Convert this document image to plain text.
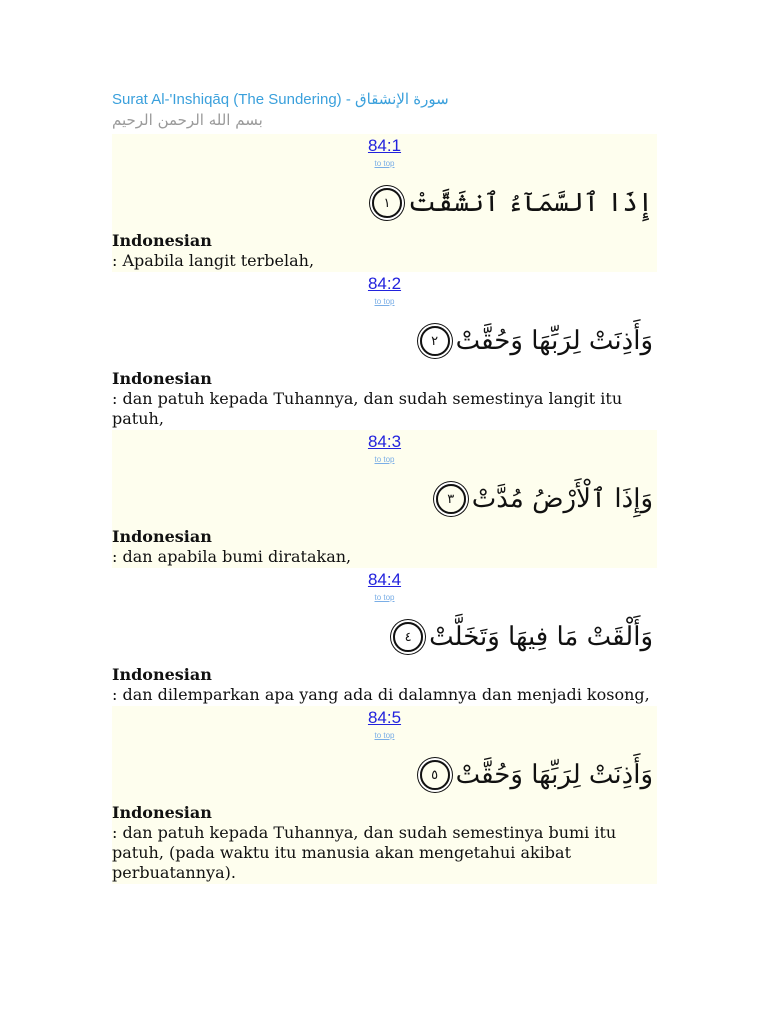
Surat Al-'Inshiqāq (The Sundering) - سورة الإنشقاق
بسم الله الرحمن الرحيم
84:1
to top
إِذَا ٱلسَّمَآءُ ٱنشَقَّتْ
١
Indonesian
: Apabila langit terbelah,
84:2
to top
وَأَذِنَتْ لِرَبِّهَا وَحُقَّتْ
٢
Indonesian
: dan patuh kepada Tuhannya, dan sudah semestinya langit itu patuh,
84:3
to top
وَإِذَا ٱلْأَرْضُ مُدَّتْ
٣
Indonesian
: dan apabila bumi diratakan,
84:4
to top
وَأَلْقَتْ مَا فِيهَا وَتَخَلَّتْ
٤
Indonesian
: dan dilemparkan apa yang ada di dalamnya dan menjadi kosong,
84:5
to top
وَأَذِنَتْ لِرَبِّهَا وَحُقَّتْ
٥
Indonesian
: dan patuh kepada Tuhannya, dan sudah semestinya bumi itu patuh, (pada waktu itu manusia akan mengetahui akibat perbuatannya).
